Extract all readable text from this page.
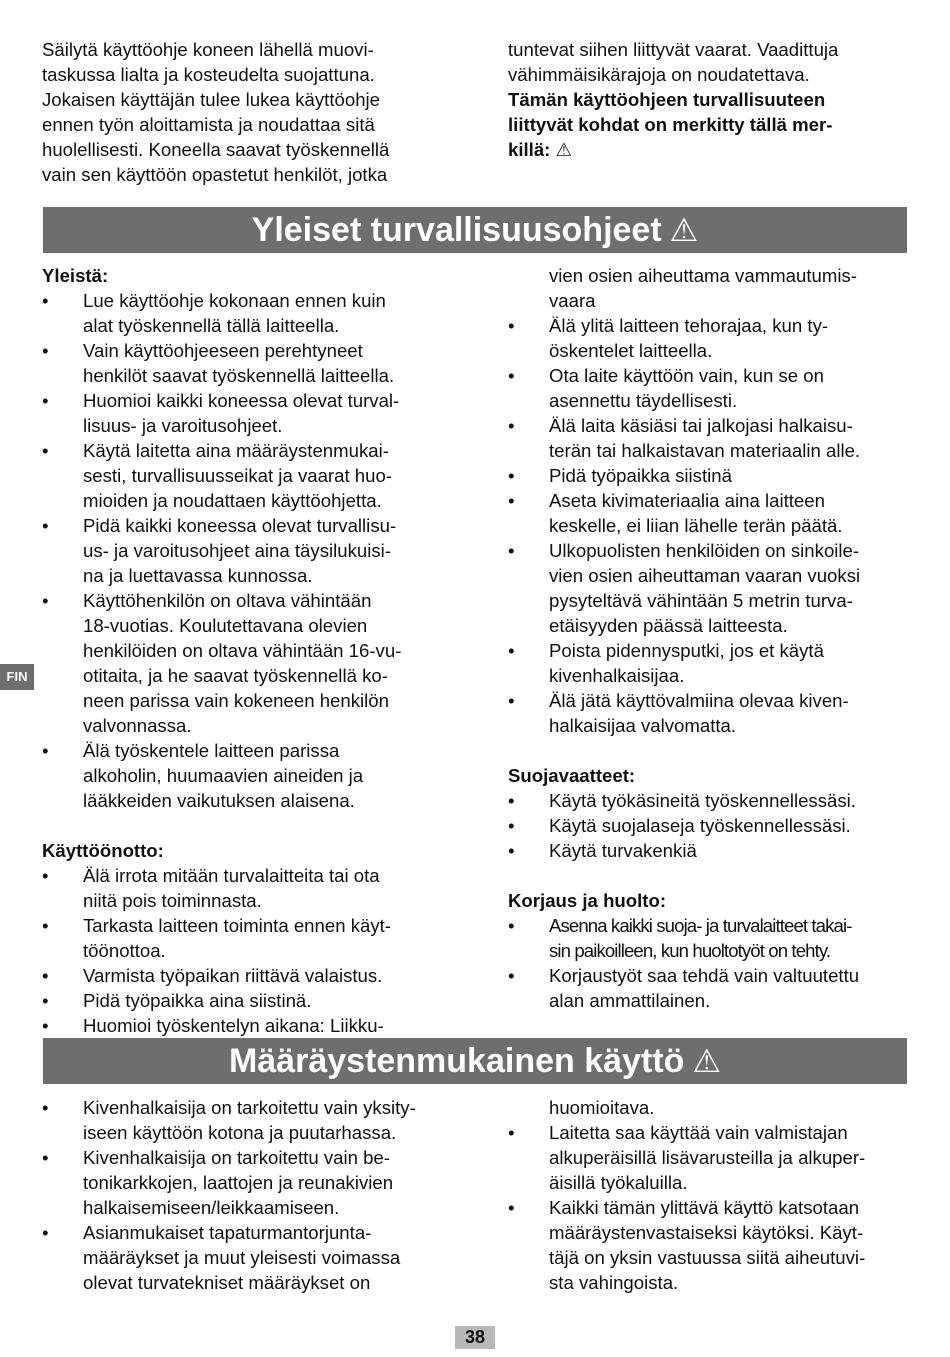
Säilytä käyttöohje koneen lähellä muovi-
taskussa lialta ja kosteudelta suojattuna.
Jokaisen käyttäjän tulee lukea käyttöohje
ennen työn aloittamista ja noudattaa sitä
huolellisesti. Koneella saavat työskennellä
vain sen käyttöön opastetut henkilöt, jotka
tuntevat siihen liittyvät vaarat. Vaadittuja
vähimmäisikärajoja on noudatettava.
Tämän käyttöohjeen turvallisuuteen
liittyvät kohdat on merkitty tällä mer-
killä: ⚠
Yleiset turvallisuusohjeet ⚠
Yleistä:
•	Lue käyttöohje kokonaan ennen kuin
alat työskennellä tällä laitteella.
•	Vain käyttöohjeeseen perehtyneet
henkilöt saavat työskennellä laitteella.
•	Huomioi kaikki koneessa olevat turval-
lisuus- ja varoitusohjeet.
•	Käytä laitetta aina määräystenmukai-
sesti, turvallisuusseikat ja vaarat huo-
mioiden ja noudattaen käyttöohjetta.
•	Pidä kaikki koneessa olevat turvallisu-
us- ja varoitusohjeet aina täysilukuisi-
na ja luettavassa kunnossa.
•	Käyttöhenkilön on oltava vähintään
18-vuotias. Koulutettavana olevien
henkilöiden on oltava vähintään 16-vu-
otitaita, ja he saavat työskennellä ko-
neen parissa vain kokeneen henkilön
valvonnassa.
•	Älä työskentele laitteen parissa
alkoholin, huumaavien aineiden ja
lääkkeiden vaikutuksen alaisena.
Käyttöönotto:
•	Älä irrota mitään turvalaitteita tai ota
niitä pois toiminnasta.
•	Tarkasta laitteen toiminta ennen käyt-
töönottoa.
•	Varmista työpaikan riittävä valaistus.
•	Pidä työpaikka aina siistinä.
•	Huomioi työskentelyn aikana: Liikku-
vien osien aiheuttama vammautumis-
vaara
•	Älä ylitä laitteen tehorajaa, kun ty-
öskentelet laitteella.
•	Ota laite käyttöön vain, kun se on
asennettu täydellisesti.
•	Älä laita käsiäsi tai jalkojasi halkaisu-
terän tai halkaistavan materiaalin alle.
•	Pidä työpaikka siistinä
•	Aseta kivimateriaalia aina laitteen
keskelle, ei liian lähelle terän päätä.
•	Ulkopuolisten henkilöiden on sinkoile-
vien osien aiheuttaman vaaran vuoksi
pysyteltävä vähintään 5 metrin turva-
etäisyyden päässä laitteesta.
•	Poista pidennysputki, jos et käytä
kivenhalkaisijaa.
•	Älä jätä käyttövalmiina olevaa kiven-
halkaisijaa valvomatta.
Suojavaatteet:
•	Käytä työkäsineitä työskennellessäsi.
•	Käytä suojalaseja työskennellessäsi.
•	Käytä turvakenkiä
Korjaus ja huolto:
•	Asenna kaikki suoja- ja turvalaitteet takai-
sin paikoilleen, kun huoltotyöt on tehty.
•	Korjaustyöt saa tehdä vain valtuutettu
alan ammattilainen.
Määräystenmukainen käyttö ⚠
•	Kivenhalkaisija on tarkoitettu vain yksity-
iseen käyttöön kotona ja puutarhassa.
•	Kivenhalkaisija on tarkoitettu vain be-
tonikarkkojen, laattojen ja reunakivien
halkaisemiseen/leikkaamiseen.
•	Asianmukaiset tapaturmantorjunta-
määräykset ja muut yleisesti voimassa
olevat turvatekniset määräykset on
huomioitava.
•	Laitetta saa käyttää vain valmistajan
alkuperäisillä lisävarusteilla ja alkuper-
äisillä työkaluilla.
•	Kaikki tämän ylittävä käyttö katsotaan
määräystenvastaiseksi käytöksi. Käyt-
täjä on yksin vastuussa siitä aiheutuvi-
sta vahingoista.
FIN
38
